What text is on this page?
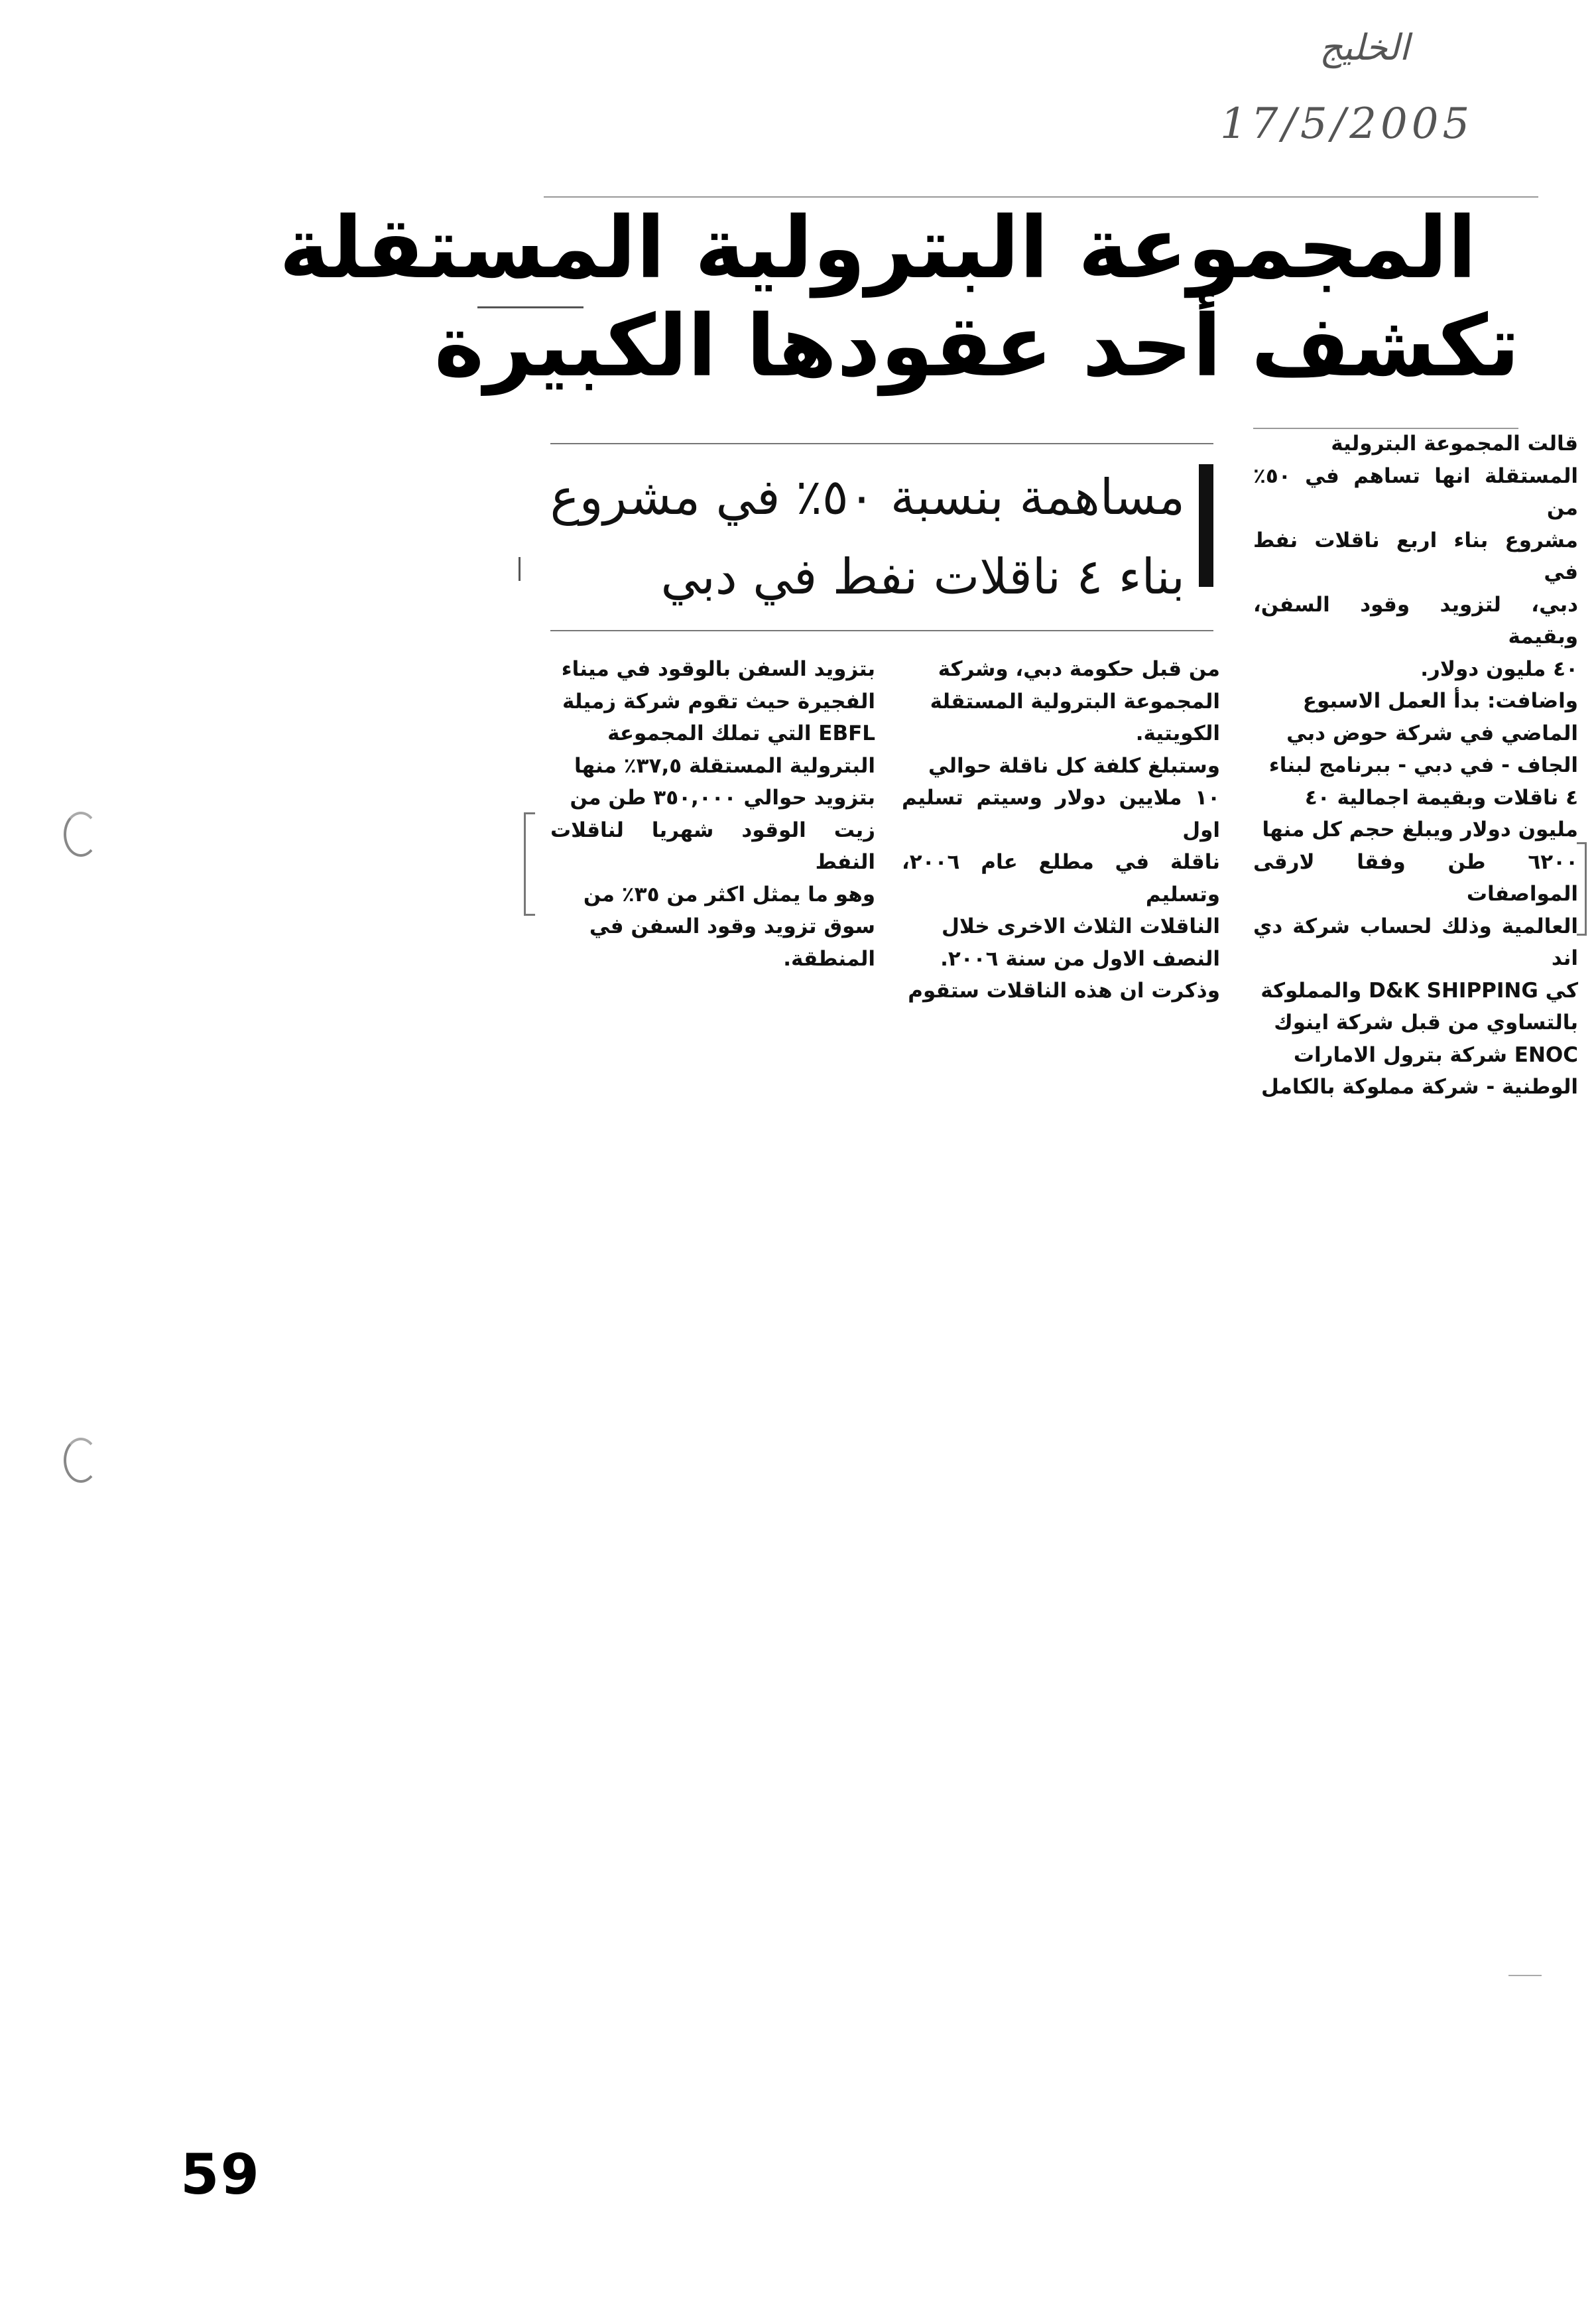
الخليج
17/5/2005
المجموعة البترولية المستقلة
تكشف أحد عقودها الكبيرة
مساهمة بنسبة ٥٠٪ في مشروع
بناء ٤ ناقلات نفط في دبي

قالت المجموعة البترولية

المستقلة انها تساهم في ٥٠٪ من

مشروع بناء اربع ناقلات نفط في

دبي، لتزويد وقود السفن، وبقيمة

٤٠ مليون دولار.

واضافت: بدأ العمل الاسبوع

الماضي في شركة حوض دبي

الجاف - في دبي - ببرنامج لبناء

٤ ناقلات وبقيمة اجمالية ٤٠

مليون دولار ويبلغ حجم كل منها

٦٢٠٠ طن وفقا لارقى المواصفات

العالمية وذلك لحساب شركة دي اند

كي D&K SHIPPING والمملوكة

بالتساوي من قبل شركة اينوك

ENOC شركة بترول الامارات

الوطنية - شركة مملوكة بالكامل

من قبل حكومة دبي، وشركة

المجموعة البترولية المستقلة

الكويتية.

وستبلغ كلفة كل ناقلة حوالي

١٠ ملايين دولار وسيتم تسليم اول

ناقلة في مطلع عام ٢٠٠٦، وتسليم

الناقلات الثلاث الاخرى خلال

النصف الاول من سنة ٢٠٠٦.

وذكرت ان هذه الناقلات ستقوم

بتزويد السفن بالوقود في ميناء

الفجيرة حيث تقوم شركة زميلة

EBFL التي تملك المجموعة

البترولية المستقلة ٣٧,٥٪ منها

بتزويد حوالي ٣٥٠,٠٠٠ طن من

زيت الوقود شهريا لناقلات النفط

وهو ما يمثل اكثر من ٣٥٪ من

سوق تزويد وقود السفن في

المنطقة.

59
